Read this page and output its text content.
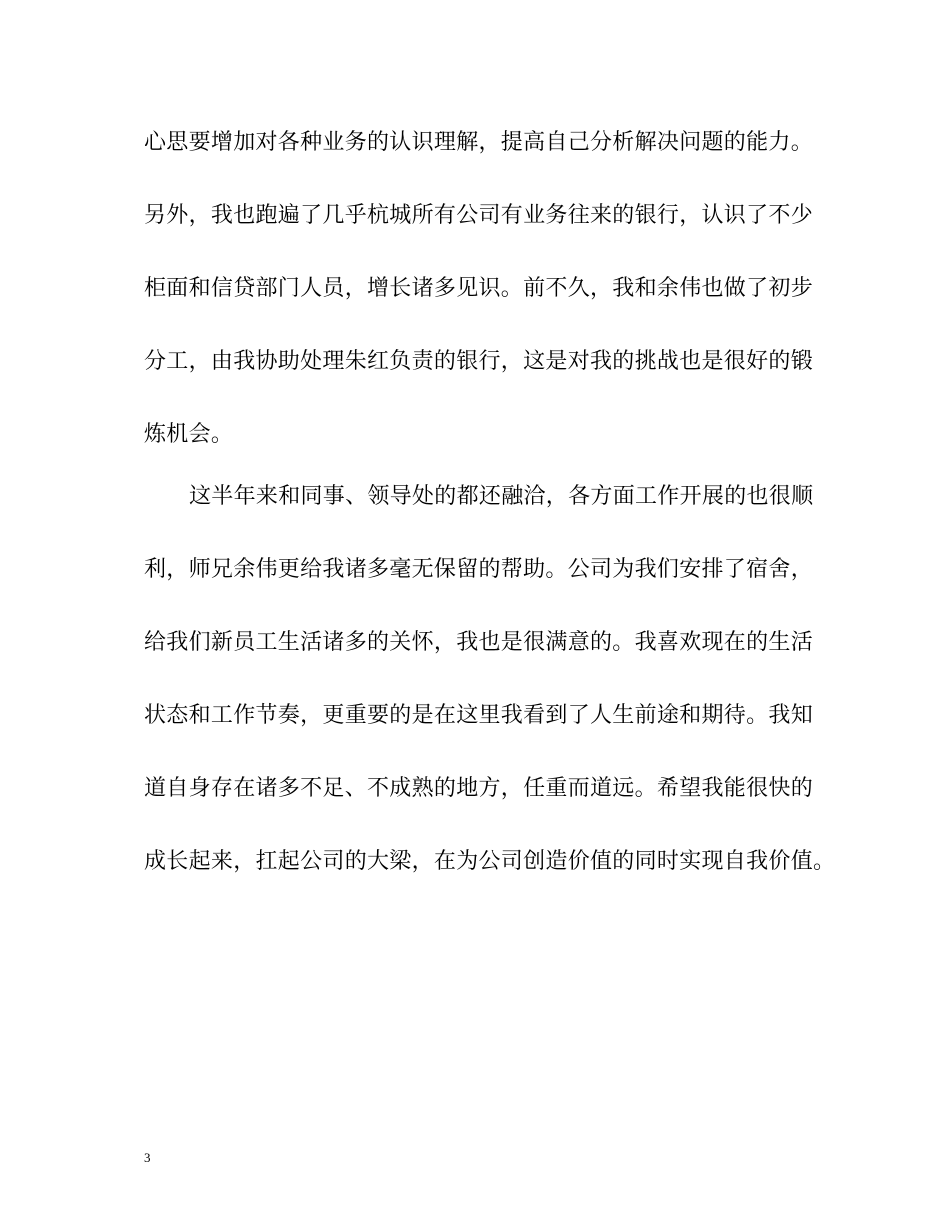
心思要增加对各种业务的认识理解，提高自己分析解决问题的能力。
另外，我也跑遍了几乎杭城所有公司有业务往来的银行，认识了不少
柜面和信贷部门人员，增长诸多见识。前不久，我和余伟也做了初步
分工，由我协助处理朱红负责的银行，这是对我的挑战也是很好的锻
炼机会。
这半年来和同事、领导处的都还融洽，各方面工作开展的也很顺
利，师兄余伟更给我诸多毫无保留的帮助。公司为我们安排了宿舍，
给我们新员工生活诸多的关怀，我也是很满意的。我喜欢现在的生活
状态和工作节奏，更重要的是在这里我看到了人生前途和期待。我知
道自身存在诸多不足、不成熟的地方，任重而道远。希望我能很快的
成长起来，扛起公司的大梁，在为公司创造价值的同时实现自我价值。
3
